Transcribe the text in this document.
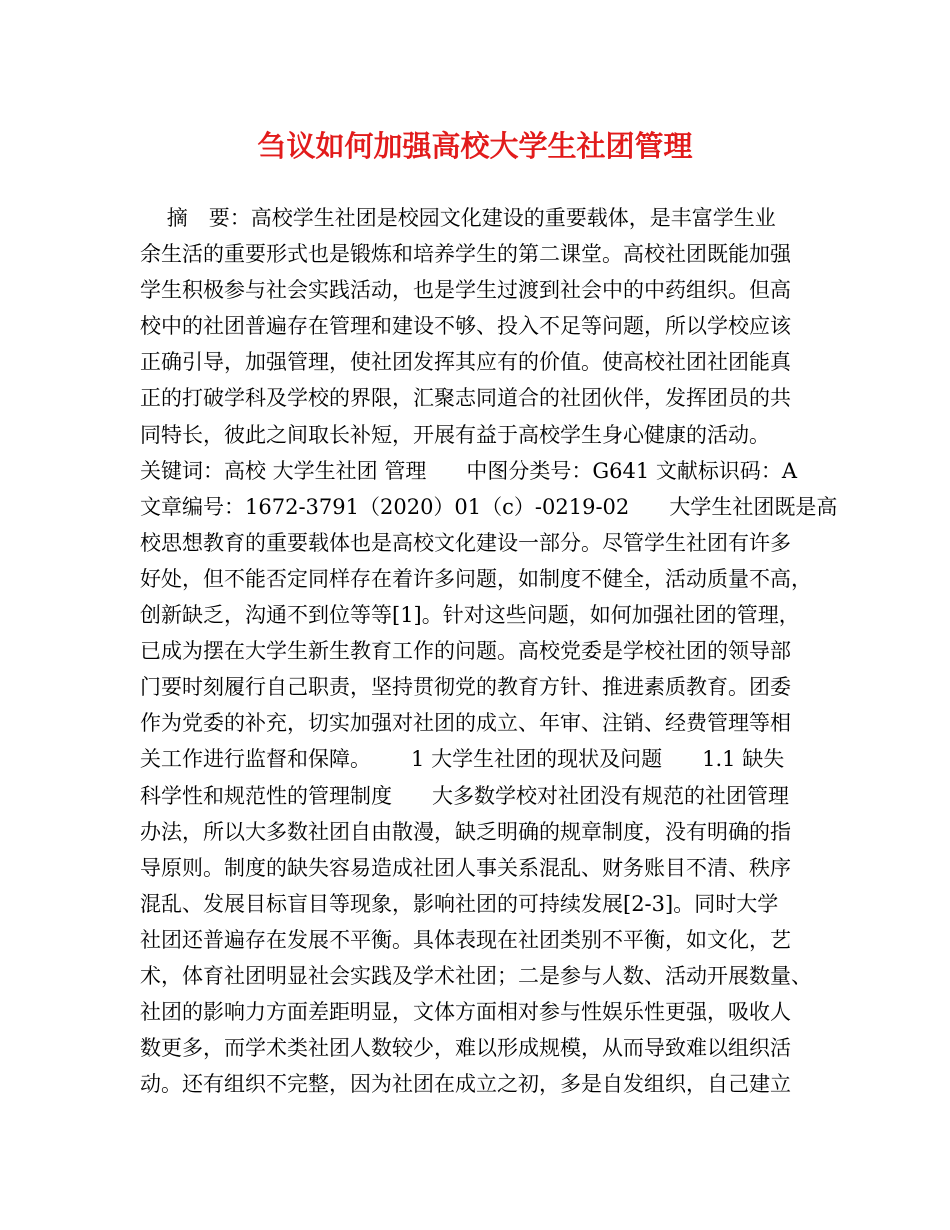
刍议如何加强高校大学生社团管理
摘　要：高校学生社团是校园文化建设的重要载体，是丰富学生业
余生活的重要形式也是锻炼和培养学生的第二课堂。高校社团既能加强
学生积极参与社会实践活动，也是学生过渡到社会中的中药组织。但高
校中的社团普遍存在管理和建设不够、投入不足等问题，所以学校应该
正确引导，加强管理，使社团发挥其应有的价值。使高校社团社团能真
正的打破学科及学校的界限，汇聚志同道合的社团伙伴，发挥团员的共
同特长，彼此之间取长补短，开展有益于高校学生身心健康的活动。
关键词：高校 大学生社团 管理      中图分类号：G641 文献标识码：A
文章编号：1672-3791（2020）01（c）-0219-02      大学生社团既是高
校思想教育的重要载体也是高校文化建设一部分。尽管学生社团有许多
好处，但不能否定同样存在着许多问题，如制度不健全，活动质量不高，
创新缺乏，沟通不到位等等[1]。针对这些问题，如何加强社团的管理，
已成为摆在大学生新生教育工作的问题。高校党委是学校社团的领导部
门要时刻履行自己职责，坚持贯彻党的教育方针、推进素质教育。团委
作为党委的补充，切实加强对社团的成立、年审、注销、经费管理等相
关工作进行监督和保障。      1 大学生社团的现状及问题      1.1 缺失
科学性和规范性的管理制度      大多数学校对社团没有规范的社团管理
办法，所以大多数社团自由散漫，缺乏明确的规章制度，没有明确的指
导原则。制度的缺失容易造成社团人事关系混乱、财务账目不清、秩序
混乱、发展目标盲目等现象，影响社团的可持续发展[2-3]。同时大学
社团还普遍存在发展不平衡。具体表现在社团类别不平衡，如文化，艺
术，体育社团明显社会实践及学术社团；二是参与人数、活动开展数量、
社团的影响力方面差距明显，文体方面相对参与性娱乐性更强，吸收人
数更多，而学术类社团人数较少，难以形成规模，从而导致难以组织活
动。还有组织不完整，因为社团在成立之初，多是自发组织，自己建立
